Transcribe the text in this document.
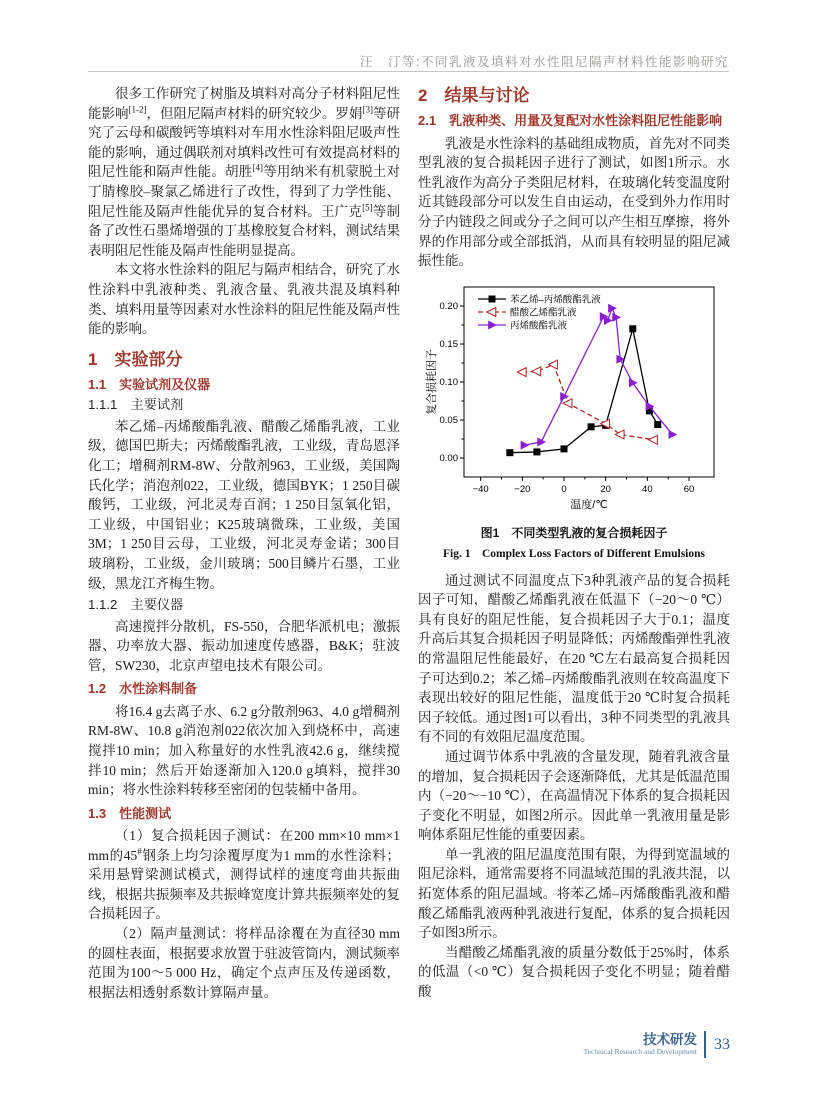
汪　汀等:不同乳液及填料对水性阻尼隔声材料性能影响研究

很多工作研究了树脂及填料对高分子材料阻尼性能影响[1-2]，但阻尼隔声材料的研究较少。罗娟[3]等研究了云母和碳酸钙等填料对车用水性涂料阻尼吸声性能的影响，通过偶联剂对填料改性可有效提高材料的阻尼性能和隔声性能。胡胜[4]等用纳米有机蒙脱土对丁腈橡胶–聚氯乙烯进行了改性，得到了力学性能、阻尼性能及隔声性能优异的复合材料。王广克[5]等制备了改性石墨烯增强的丁基橡胶复合材料，测试结果表明阻尼性能及隔声性能明显提高。

本文将水性涂料的阻尼与隔声相结合，研究了水性涂料中乳液种类、乳液含量、乳液共混及填料种类、填料用量等因素对水性涂料的阻尼性能及隔声性能的影响。

1　实验部分
1.1　实验试剂及仪器
1.1.1　主要试剂

苯乙烯–丙烯酸酯乳液、醋酸乙烯酯乳液，工业级，德国巴斯夫；丙烯酸酯乳液，工业级，青岛恩泽化工；增稠剂RM-8W、分散剂963，工业级，美国陶氏化学；消泡剂022，工业级，德国BYK；1 250目碳酸钙，工业级，河北灵寿百润；1 250目氢氧化铝，工业级，中国铝业；K25玻璃微珠，工业级，美国3M；1 250目云母，工业级，河北灵寿金诺；300目玻璃粉，工业级，金川玻璃；500目鳞片石墨，工业级，黑龙江齐梅生物。

1.1.2　主要仪器

高速搅拌分散机，FS-550，合肥华派机电；激振器、功率放大器、振动加速度传感器，B&K；驻波管，SW230，北京声望电技术有限公司。

1.2　水性涂料制备

将16.4 g去离子水、6.2 g分散剂963、4.0 g增稠剂RM-8W、10.8 g消泡剂022依次加入到烧杯中，高速搅拌10 min；加入称量好的水性乳液42.6 g，继续搅拌10 min；然后开始逐渐加入120.0 g填料，搅拌30 min；将水性涂料转移至密闭的包装桶中备用。

1.3　性能测试

（1）复合损耗因子测试：在200 mm×10 mm×1 mm的45#钢条上均匀涂覆厚度为1 mm的水性涂料；采用悬臂梁测试模式，测得试样的速度弯曲共振曲线，根据共振频率及共振峰宽度计算共振频率处的复合损耗因子。

（2）隔声量测试：将样品涂覆在为直径30 mm的圆柱表面，根据要求放置于驻波管筒内，测试频率范围为100～5 000 Hz，确定个点声压及传递函数，根据法相透射系数计算隔声量。

2　结果与讨论
2.1　乳液种类、用量及复配对水性涂料阻尼性能影响

乳液是水性涂料的基础组成物质，首先对不同类型乳液的复合损耗因子进行了测试，如图1所示。水性乳液作为高分子类阻尼材料，在玻璃化转变温度附近其链段部分可以发生自由运动，在受到外力作用时分子内链段之间或分子之间可以产生相互摩擦，将外界的作用部分或全部抵消，从而具有较明显的阻尼减振性能。

−40	−20	0	20	40	60
0.00
0.05
0.10
0.15
0.20
温度/℃
复合损耗因子
苯乙烯–丙烯酸酯乳液
醋酸乙烯酯乳液
丙烯酸酯乳液

图1　不同类型乳液的复合损耗因子

Fig. 1　Complex Loss Factors of Different Emulsions

通过测试不同温度点下3种乳液产品的复合损耗因子可知，醋酸乙烯酯乳液在低温下（−20～0 ℃）具有良好的阻尼性能，复合损耗因子大于0.1；温度升高后其复合损耗因子明显降低；丙烯酸酯弹性乳液的常温阻尼性能最好，在20 ℃左右最高复合损耗因子可达到0.2；苯乙烯–丙烯酸酯乳液则在较高温度下表现出较好的阻尼性能，温度低于20 ℃时复合损耗因子较低。通过图1可以看出，3种不同类型的乳液具有不同的有效阻尼温度范围。

通过调节体系中乳液的含量发现，随着乳液含量的增加，复合损耗因子会逐渐降低，尤其是低温范围内（−20～−10 ℃），在高温情况下体系的复合损耗因子变化不明显，如图2所示。因此单一乳液用量是影响体系阻尼性能的重要因素。

单一乳液的阻尼温度范围有限，为得到宽温域的阻尼涂料，通常需要将不同温域范围的乳液共混，以拓宽体系的阻尼温域。将苯乙烯–丙烯酸酯乳液和醋酸乙烯酯乳液两种乳液进行复配，体系的复合损耗因子如图3所示。

当醋酸乙烯酯乳液的质量分数低于25%时，体系的低温（<0 ℃）复合损耗因子变化不明显；随着醋酸

技术研发
Technical Research and Development	33
